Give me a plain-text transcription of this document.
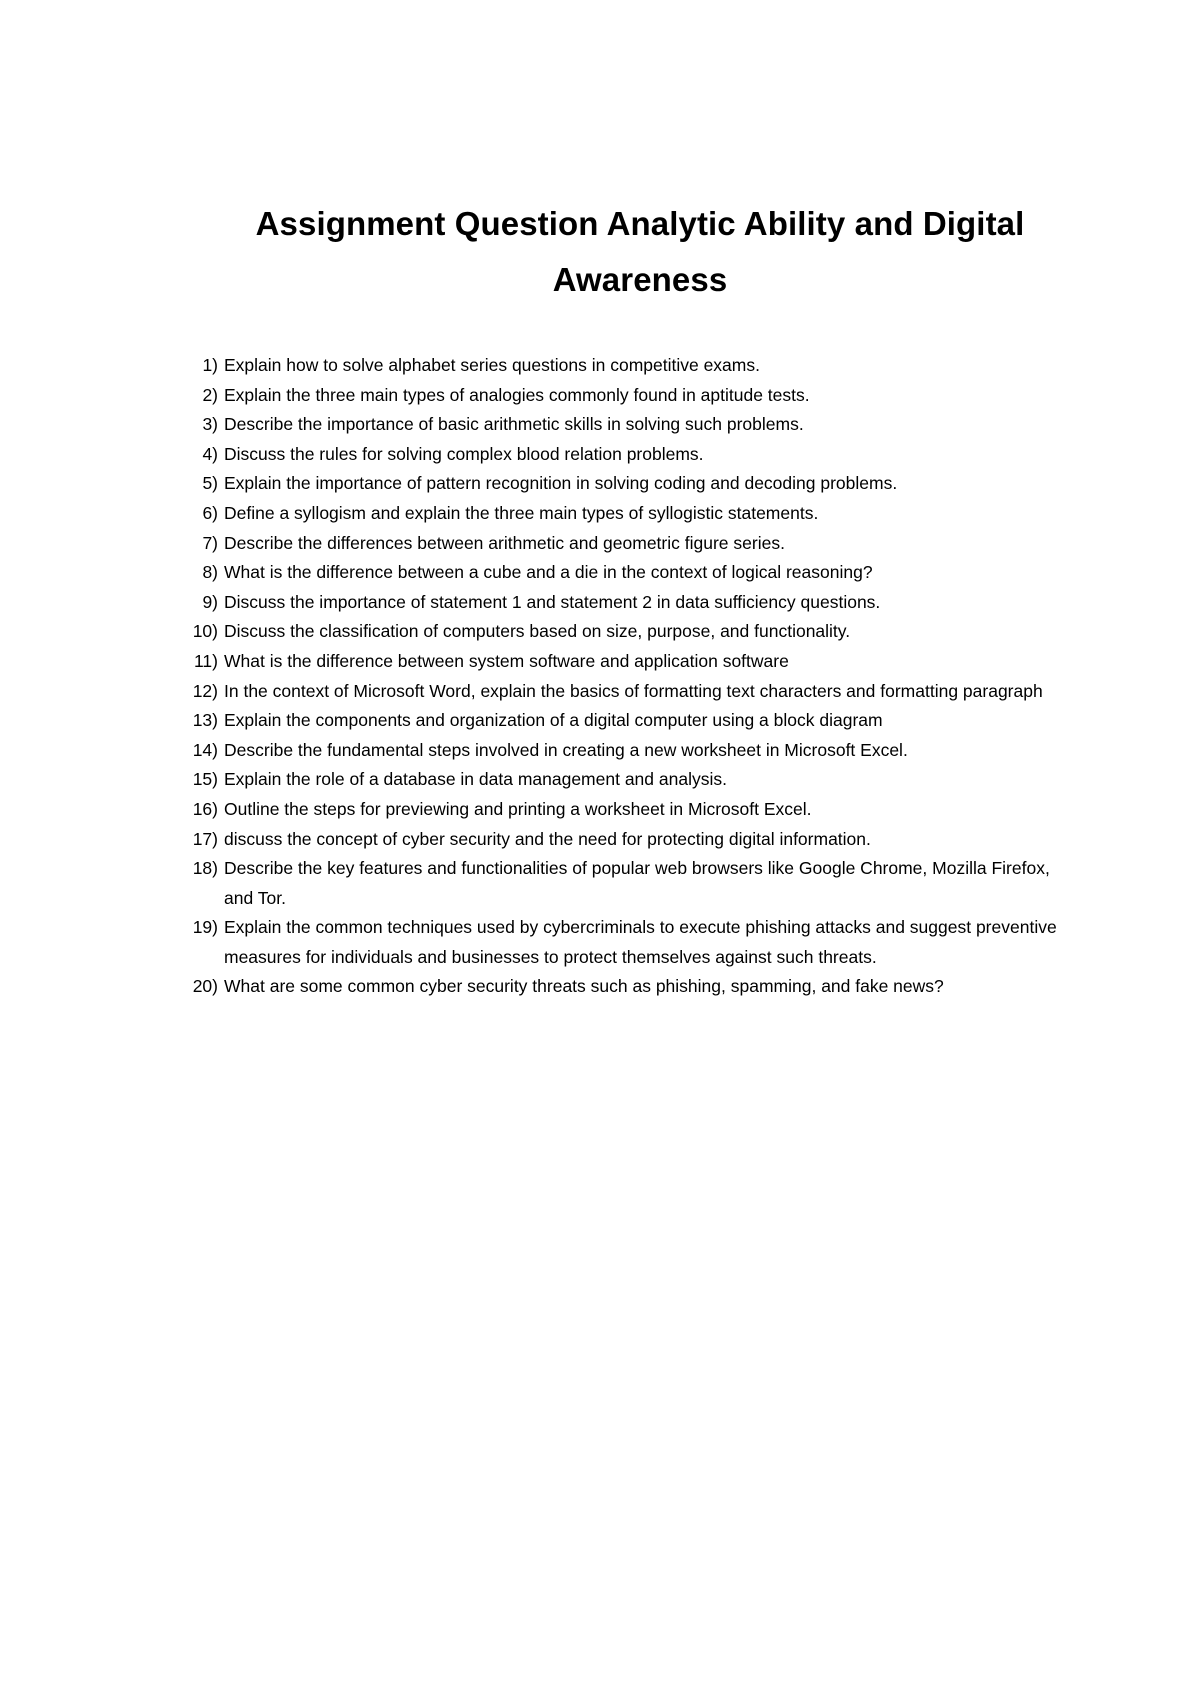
Assignment Question Analytic Ability and Digital Awareness
1) Explain how to solve alphabet series questions in competitive exams.
2) Explain the three main types of analogies commonly found in aptitude tests.
3) Describe the importance of basic arithmetic skills in solving such problems.
4) Discuss the rules for solving complex blood relation problems.
5) Explain the importance of pattern recognition in solving coding and decoding problems.
6) Define a syllogism and explain the three main types of syllogistic statements.
7) Describe the differences between arithmetic and geometric figure series.
8) What is the difference between a cube and a die in the context of logical reasoning?
9) Discuss the importance of statement 1 and statement 2 in data sufficiency questions.
10) Discuss the classification of computers based on size, purpose, and functionality.
11) What is the difference between system software and application software
12) In the context of Microsoft Word, explain the basics of formatting text characters and formatting paragraph
13) Explain the components and organization of a digital computer using a block diagram
14) Describe the fundamental steps involved in creating a new worksheet in Microsoft Excel.
15) Explain the role of a database in data management and analysis.
16) Outline the steps for previewing and printing a worksheet in Microsoft Excel.
17) discuss the concept of cyber security and the need for protecting digital information.
18) Describe the key features and functionalities of popular web browsers like Google Chrome, Mozilla Firefox, and Tor.
19) Explain the common techniques used by cybercriminals to execute phishing attacks and suggest preventive measures for individuals and businesses to protect themselves against such threats.
20) What are some common cyber security threats such as phishing, spamming, and fake news?
